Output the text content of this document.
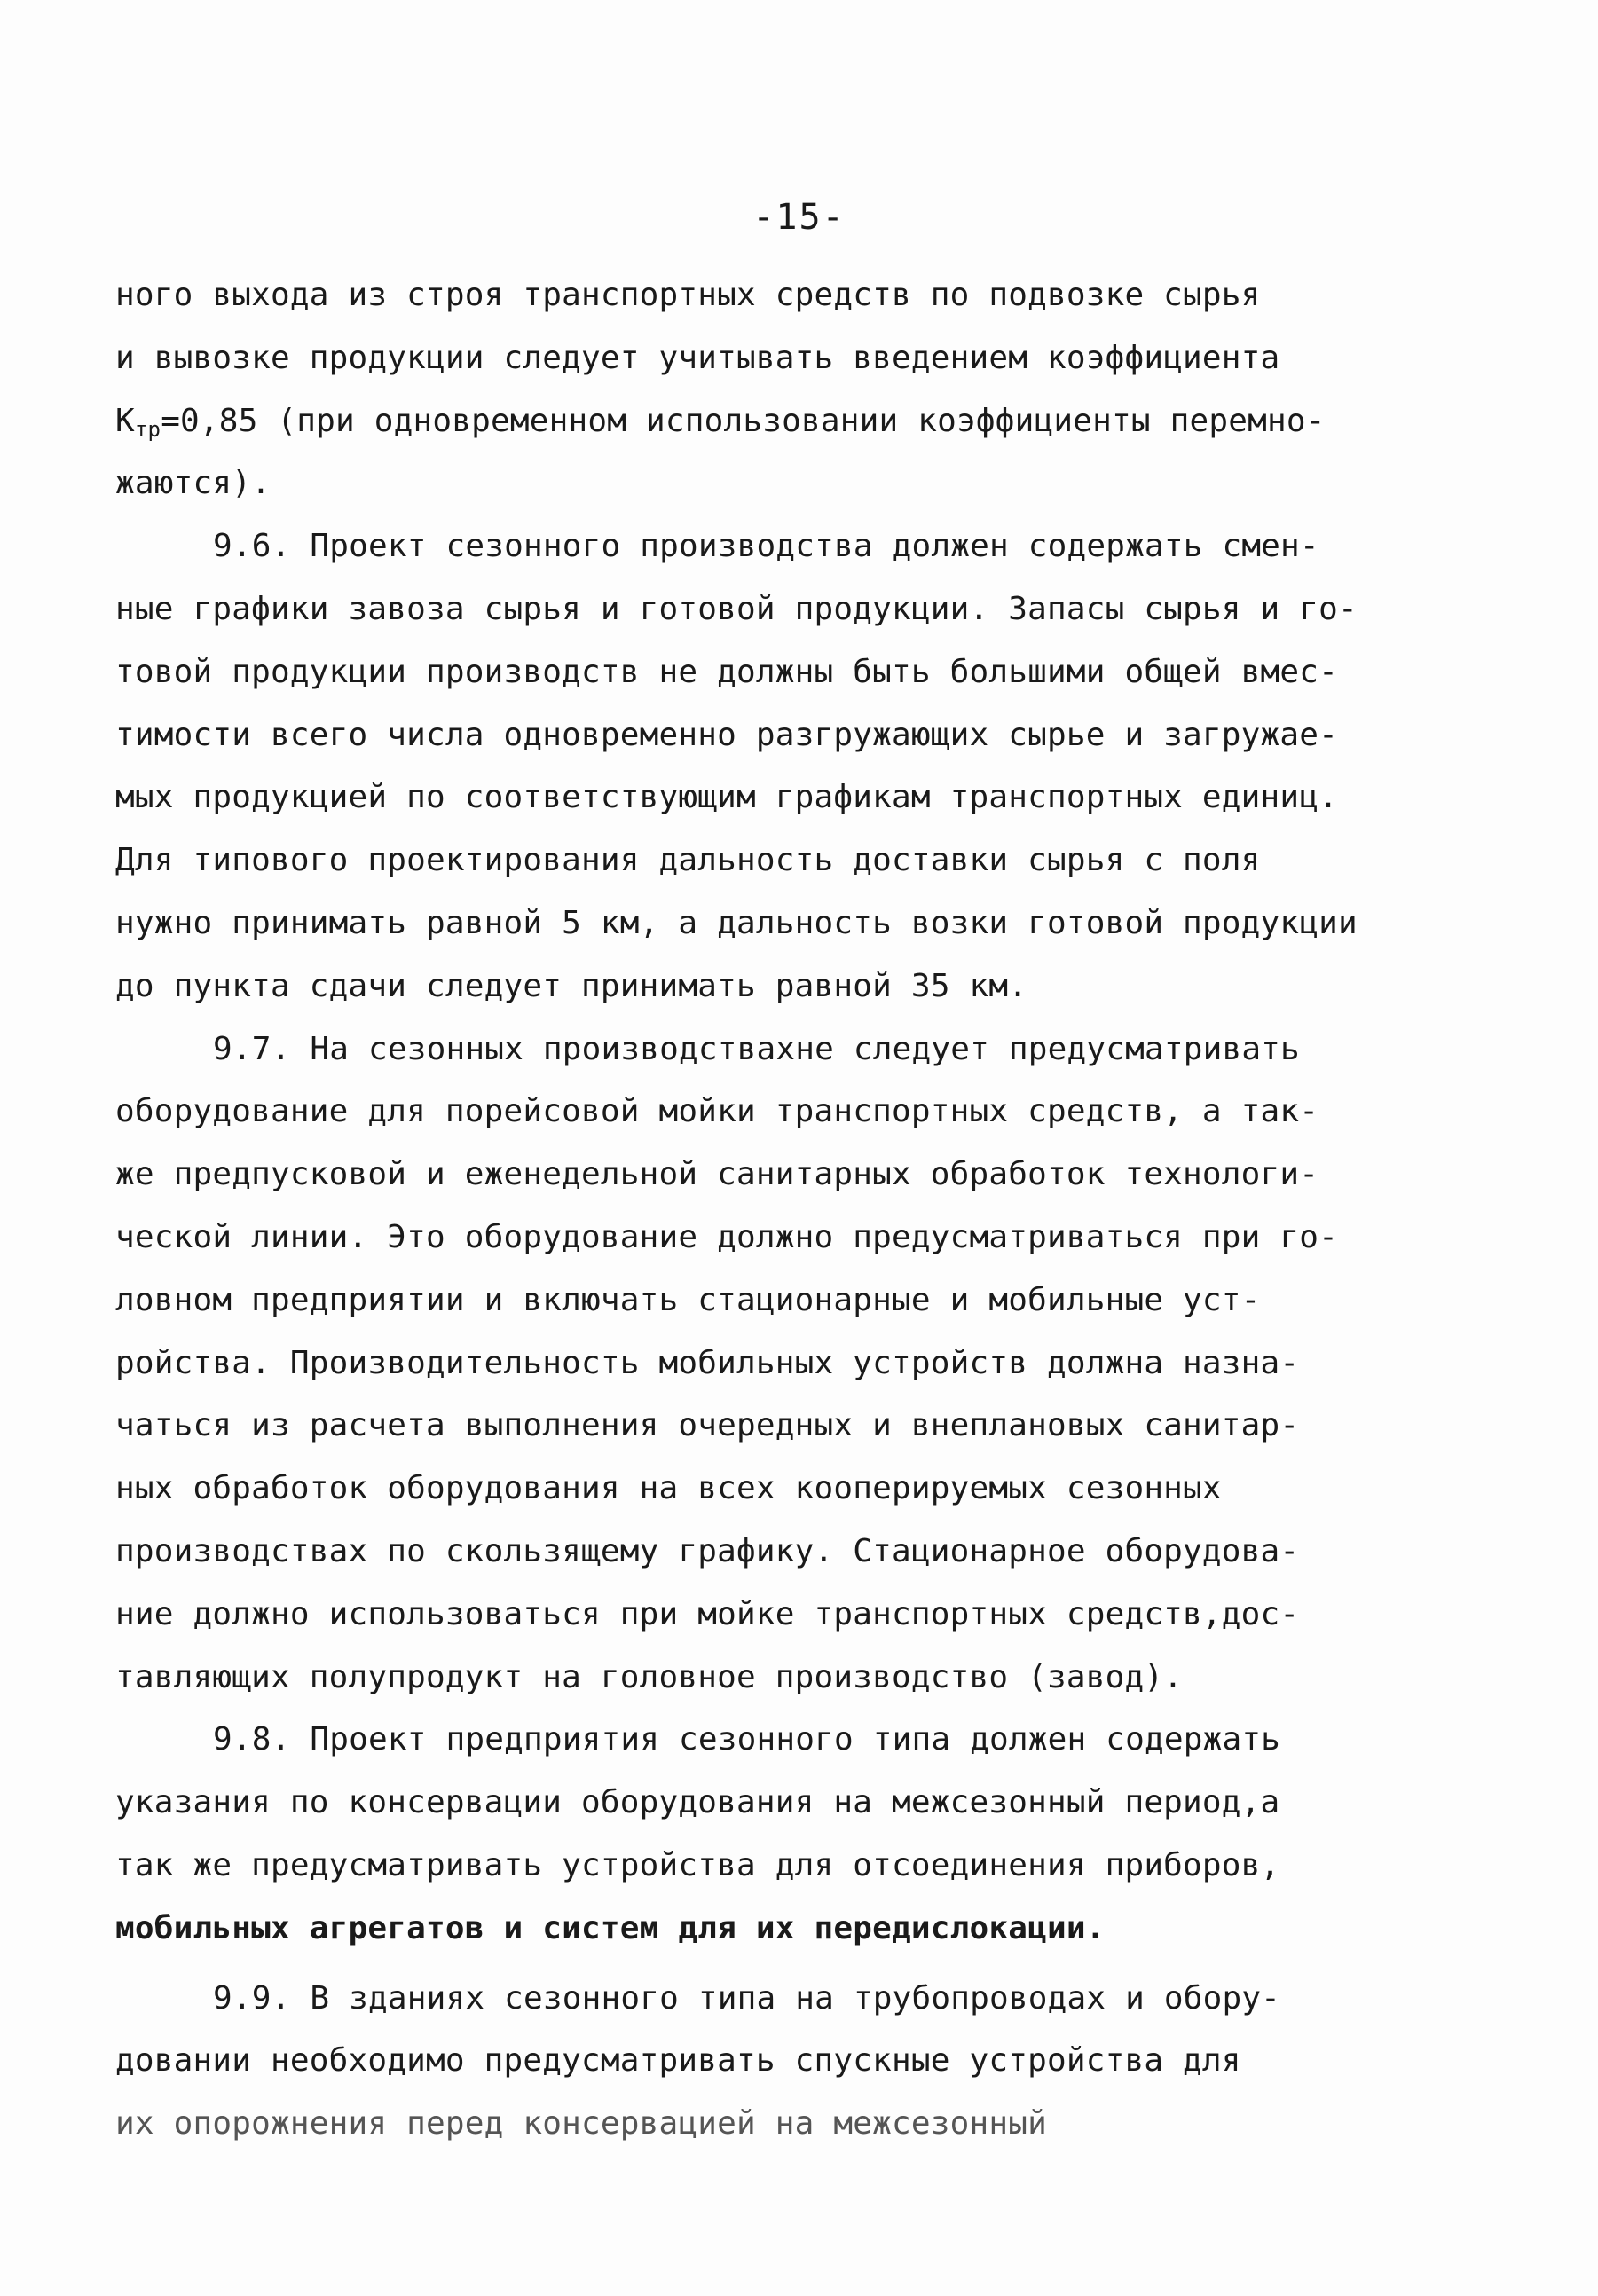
-15-
ного выхода из строя транспортных средств по подвозке сырья
и вывозке продукции следует учитывать введением коэффициента
$К_{тр}=0,85$ (при одновременном использовании коэффициенты перемно-
жаются).
9.6. Проект сезонного производства должен содержать смен-
ные графики завоза сырья и готовой продукции. Запасы сырья и го-
товой продукции производств не должны быть большими общей вмес-
тимости всего числа одновременно разгружающих сырье и загружае-
мых продукцией по соответствующим графикам транспортных единиц.
Для типового проектирования дальность доставки сырья с поля
нужно принимать равной 5 км, а дальность возки готовой продукции
до пункта сдачи следует принимать равной 35 км.
9.7. На сезонных производствахне следует предусматривать
оборудование для порейсовой мойки транспортных средств, а так-
же предпусковой и еженедельной санитарных обработок технологи-
ческой линии. Это оборудование должно предусматриваться при го-
ловном предприятии и включать стационарные и мобильные уст-
ройства. Производительность мобильных устройств должна назна-
чаться из расчета выполнения очередных и внеплановых санитар-
ных обработок оборудования на всех кооперируемых сезонных
производствах по скользящему графику. Стационарное оборудова-
ние должно использоваться при мойке транспортных средств,дос-
тавляющих полупродукт на головное производство (завод).
9.8. Проект предприятия сезонного типа должен содержать
указания по консервации оборудования на межсезонный период,а
так же предусматривать устройства для отсоединения приборов,
мобильных агрегатов и систем для их передислокации.
9.9. В зданиях сезонного типа на трубопроводах и обору-
довании необходимо предусматривать спускные устройства для
их опорожнения перед консервацией на межсезонный
